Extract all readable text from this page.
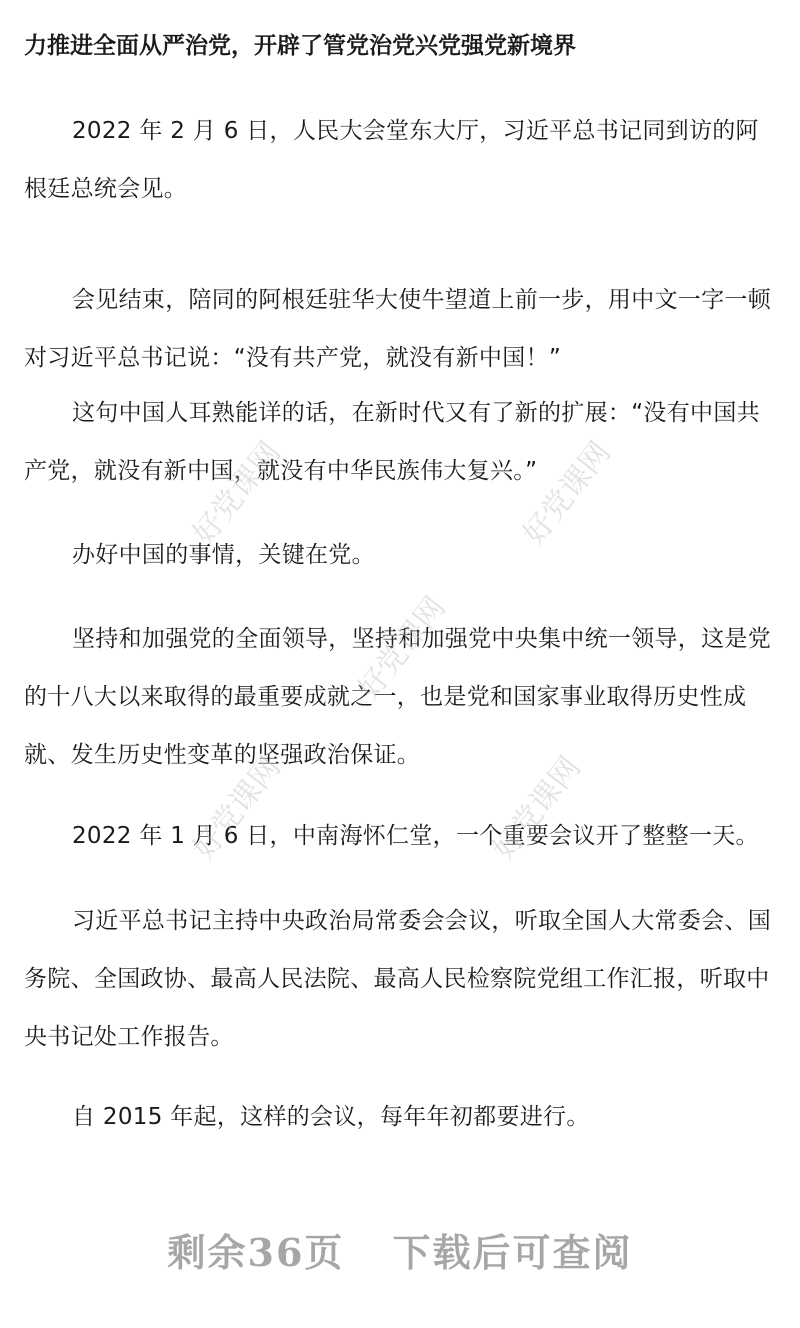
力推进全面从严治党，开辟了管党治党兴党强党新境界

2022 年 2 月 6 日，人民大会堂东大厅，习近平总书记同到访的阿根廷总统会见。

会见结束，陪同的阿根廷驻华大使牛望道上前一步，用中文一字一顿对习近平总书记说：“没有共产党，就没有新中国！”

这句中国人耳熟能详的话，在新时代又有了新的扩展：“没有中国共产党，就没有新中国，就没有中华民族伟大复兴。”

办好中国的事情，关键在党。

坚持和加强党的全面领导，坚持和加强党中央集中统一领导，这是党的十八大以来取得的最重要成就之一，也是党和国家事业取得历史性成就、发生历史性变革的坚强政治保证。

2022 年 1 月 6 日，中南海怀仁堂，一个重要会议开了整整一天。

习近平总书记主持中央政治局常委会会议，听取全国人大常委会、国务院、全国政协、最高人民法院、最高人民检察院党组工作汇报，听取中央书记处工作报告。

自 2015 年起，这样的会议，每年年初都要进行。

好党课网	好党课网
好党课网
好党课网	好党课网
剩余36页 下载后可查阅
